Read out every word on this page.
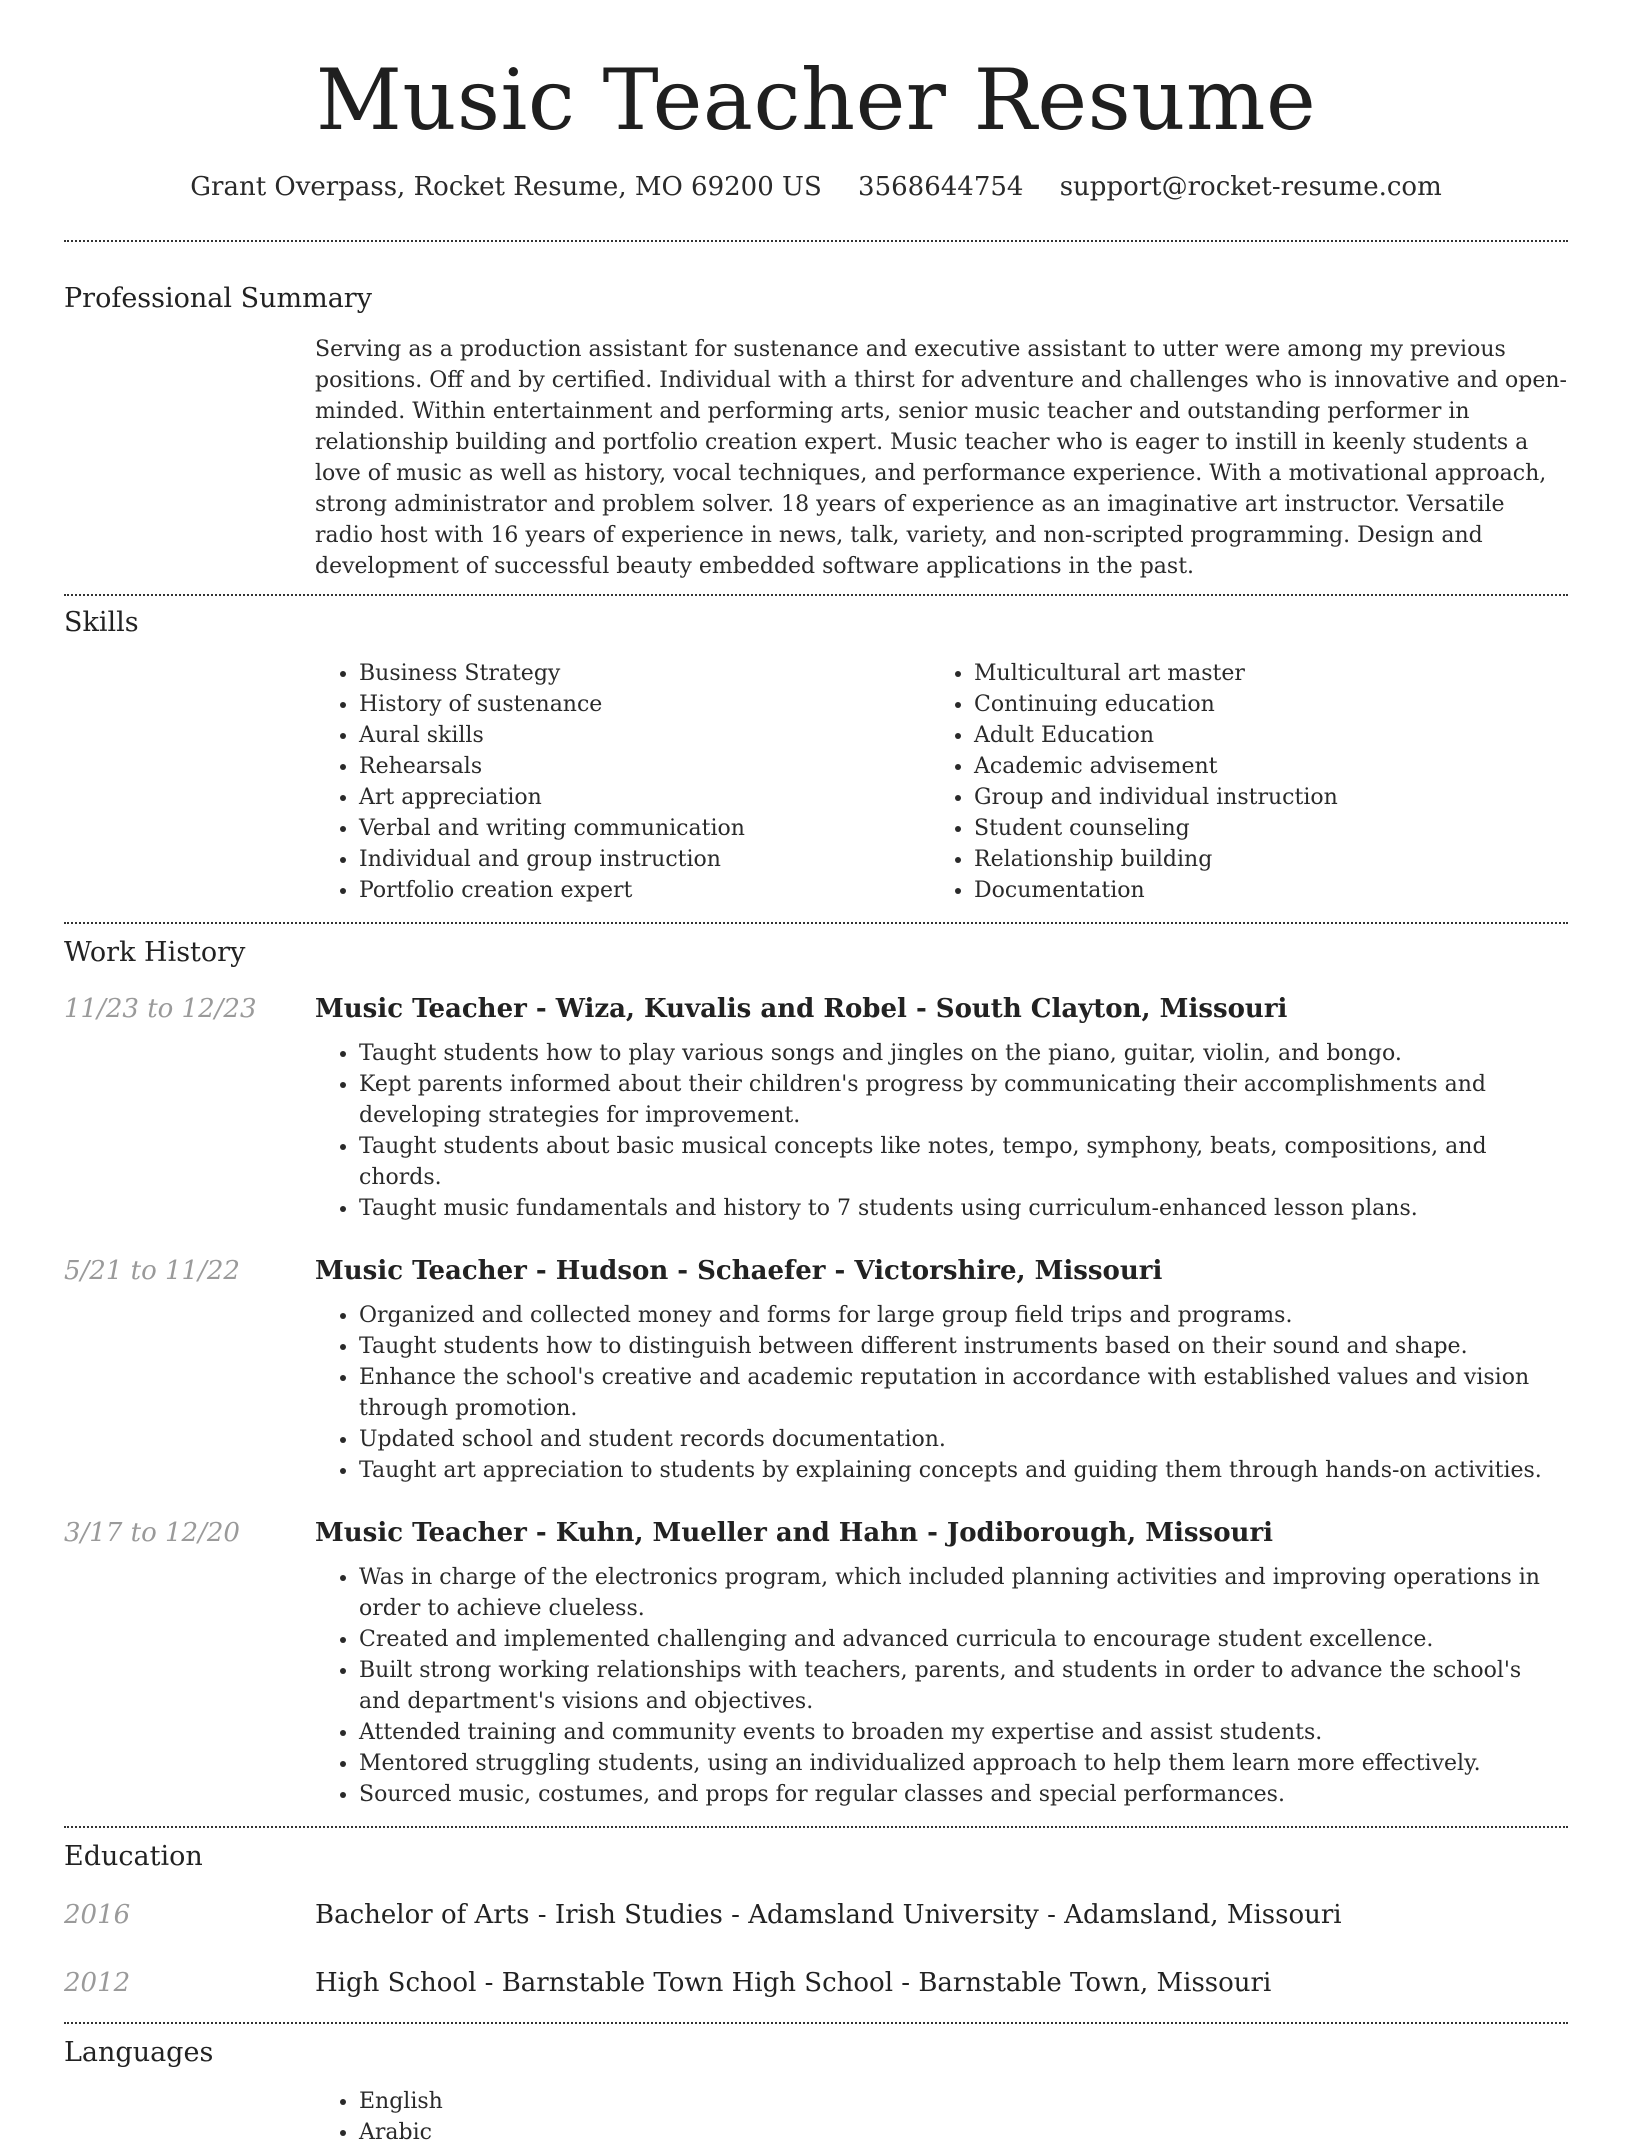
Music Teacher Resume
Grant Overpass, Rocket Resume, MO 69200 US 3568644754 support@rocket-resume.com
Professional Summary

Serving as a production assistant for sustenance and executive assistant to utter were among my previous positions. Off and by certified. Individual with a thirst for adventure and challenges who is innovative and open-minded. Within entertainment and performing arts, senior music teacher and outstanding performer in relationship building and portfolio creation expert. Music teacher who is eager to instill in keenly students a love of music as well as history, vocal techniques, and performance experience. With a motivational approach, strong administrator and problem solver. 18 years of experience as an imaginative art instructor. Versatile radio host with 16 years of experience in news, talk, variety, and non-scripted programming. Design and development of successful beauty embedded software applications in the past.

Skills
• Business Strategy
• History of sustenance
• Aural skills
• Rehearsals
• Art appreciation
• Verbal and writing communication
• Individual and group instruction
• Portfolio creation expert
• Multicultural art master
• Continuing education
• Adult Education
• Academic advisement
• Group and individual instruction
• Student counseling
• Relationship building
• Documentation
Work History
11/23 to 12/23	Music Teacher - Wiza, Kuvalis and Robel - South Clayton, Missouri
• Taught students how to play various songs and jingles on the piano, guitar, violin, and bongo.
• Kept parents informed about their children's progress by communicating their accomplishments and developing strategies for improvement.
• Taught students about basic musical concepts like notes, tempo, symphony, beats, compositions, and chords.
• Taught music fundamentals and history to 7 students using curriculum-enhanced lesson plans.
5/21 to 11/22	Music Teacher - Hudson - Schaefer - Victorshire, Missouri
• Organized and collected money and forms for large group field trips and programs.
• Taught students how to distinguish between different instruments based on their sound and shape.
• Enhance the school's creative and academic reputation in accordance with established values and vision through promotion.
• Updated school and student records documentation.
• Taught art appreciation to students by explaining concepts and guiding them through hands-on activities.
3/17 to 12/20	Music Teacher - Kuhn, Mueller and Hahn - Jodiborough, Missouri
• Was in charge of the electronics program, which included planning activities and improving operations in order to achieve clueless.
• Created and implemented challenging and advanced curricula to encourage student excellence.
• Built strong working relationships with teachers, parents, and students in order to advance the school's and department's visions and objectives.
• Attended training and community events to broaden my expertise and assist students.
• Mentored struggling students, using an individualized approach to help them learn more effectively.
• Sourced music, costumes, and props for regular classes and special performances.
Education
2016	Bachelor of Arts - Irish Studies - Adamsland University - Adamsland, Missouri
2012	High School - Barnstable Town High School - Barnstable Town, Missouri
Languages
• English
• Arabic
